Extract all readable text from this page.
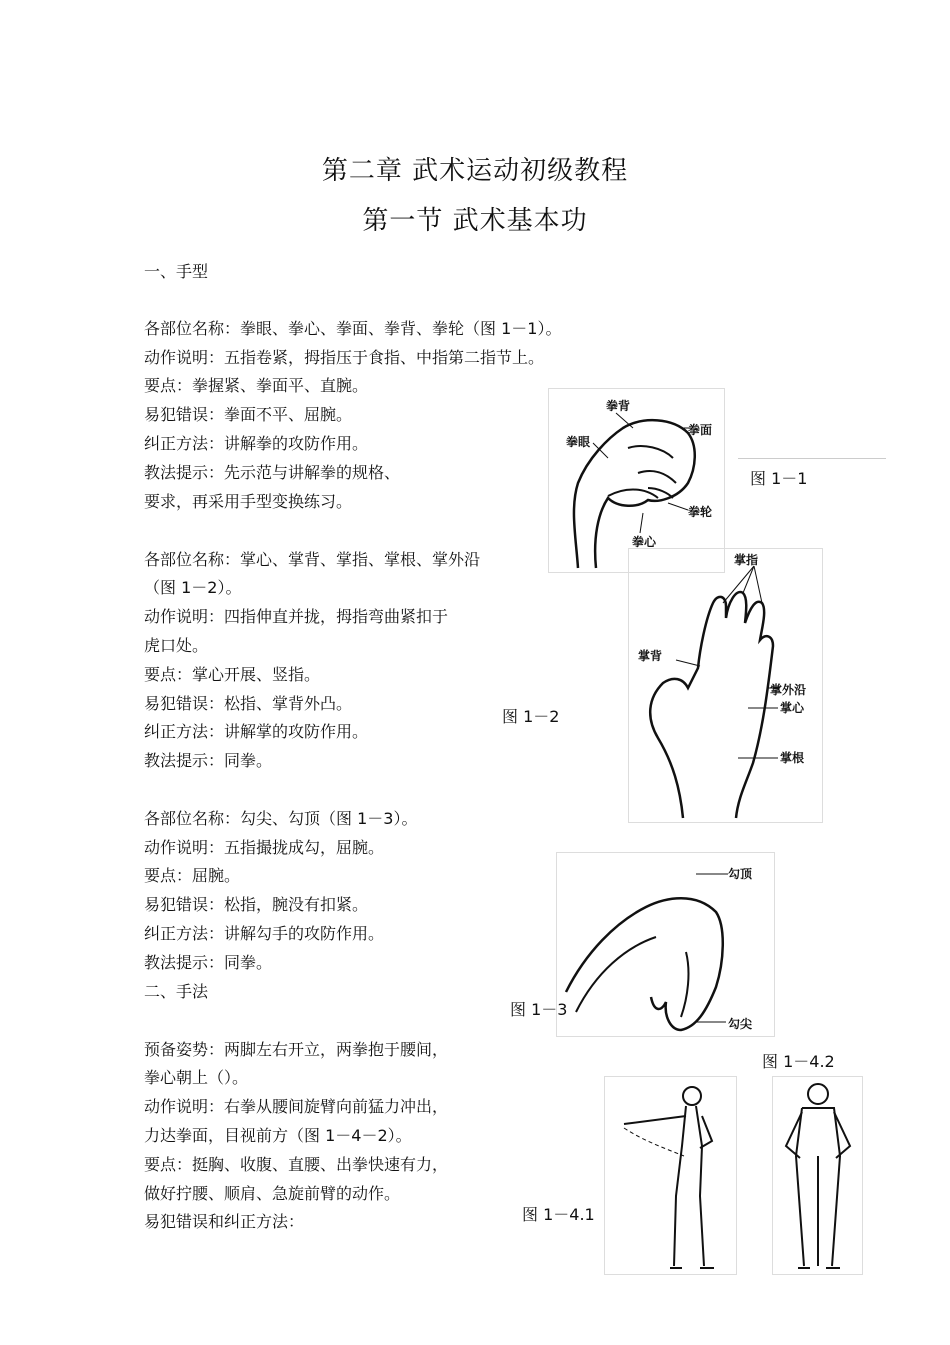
第二章 武术运动初级教程
第一节 武术基本功
一、手型
各部位名称：拳眼、拳心、拳面、拳背、拳轮（图 1－1）。
动作说明：五指卷紧，拇指压于食指、中指第二指节上。
要点：拳握紧、拳面平、直腕。
易犯错误：拳面不平、屈腕。
纠正方法：讲解拳的攻防作用。
教法提示：先示范与讲解拳的规格、
要求，再采用手型变换练习。
各部位名称：掌心、掌背、掌指、掌根、掌外沿
（图 1－2）。
动作说明：四指伸直并拢，拇指弯曲紧扣于
虎口处。
要点：掌心开展、竖指。
易犯错误：松指、掌背外凸。
纠正方法：讲解掌的攻防作用。
教法提示：同拳。
各部位名称：勾尖、勾顶（图 1－3）。
动作说明：五指撮拢成勾，屈腕。
要点：屈腕。
易犯错误：松指，腕没有扣紧。
纠正方法：讲解勾手的攻防作用。
教法提示：同拳。
二、手法
预备姿势：两脚左右开立，两拳抱于腰间，
拳心朝上（）。
动作说明：右拳从腰间旋臂向前猛力冲出，
力达拳面，目视前方（图 1－4－2）。
要点：挺胸、收腹、直腰、出拳快速有力，
做好拧腰、顺肩、急旋前臂的动作。
易犯错误和纠正方法：
拳背
拳面
拳眼
拳轮
拳心
图 1－1
掌指
掌背
掌外沿
掌心
掌根
图 1－2
勾顶
勾尖
图 1－3
图 1－4.2
图 1－4.1
